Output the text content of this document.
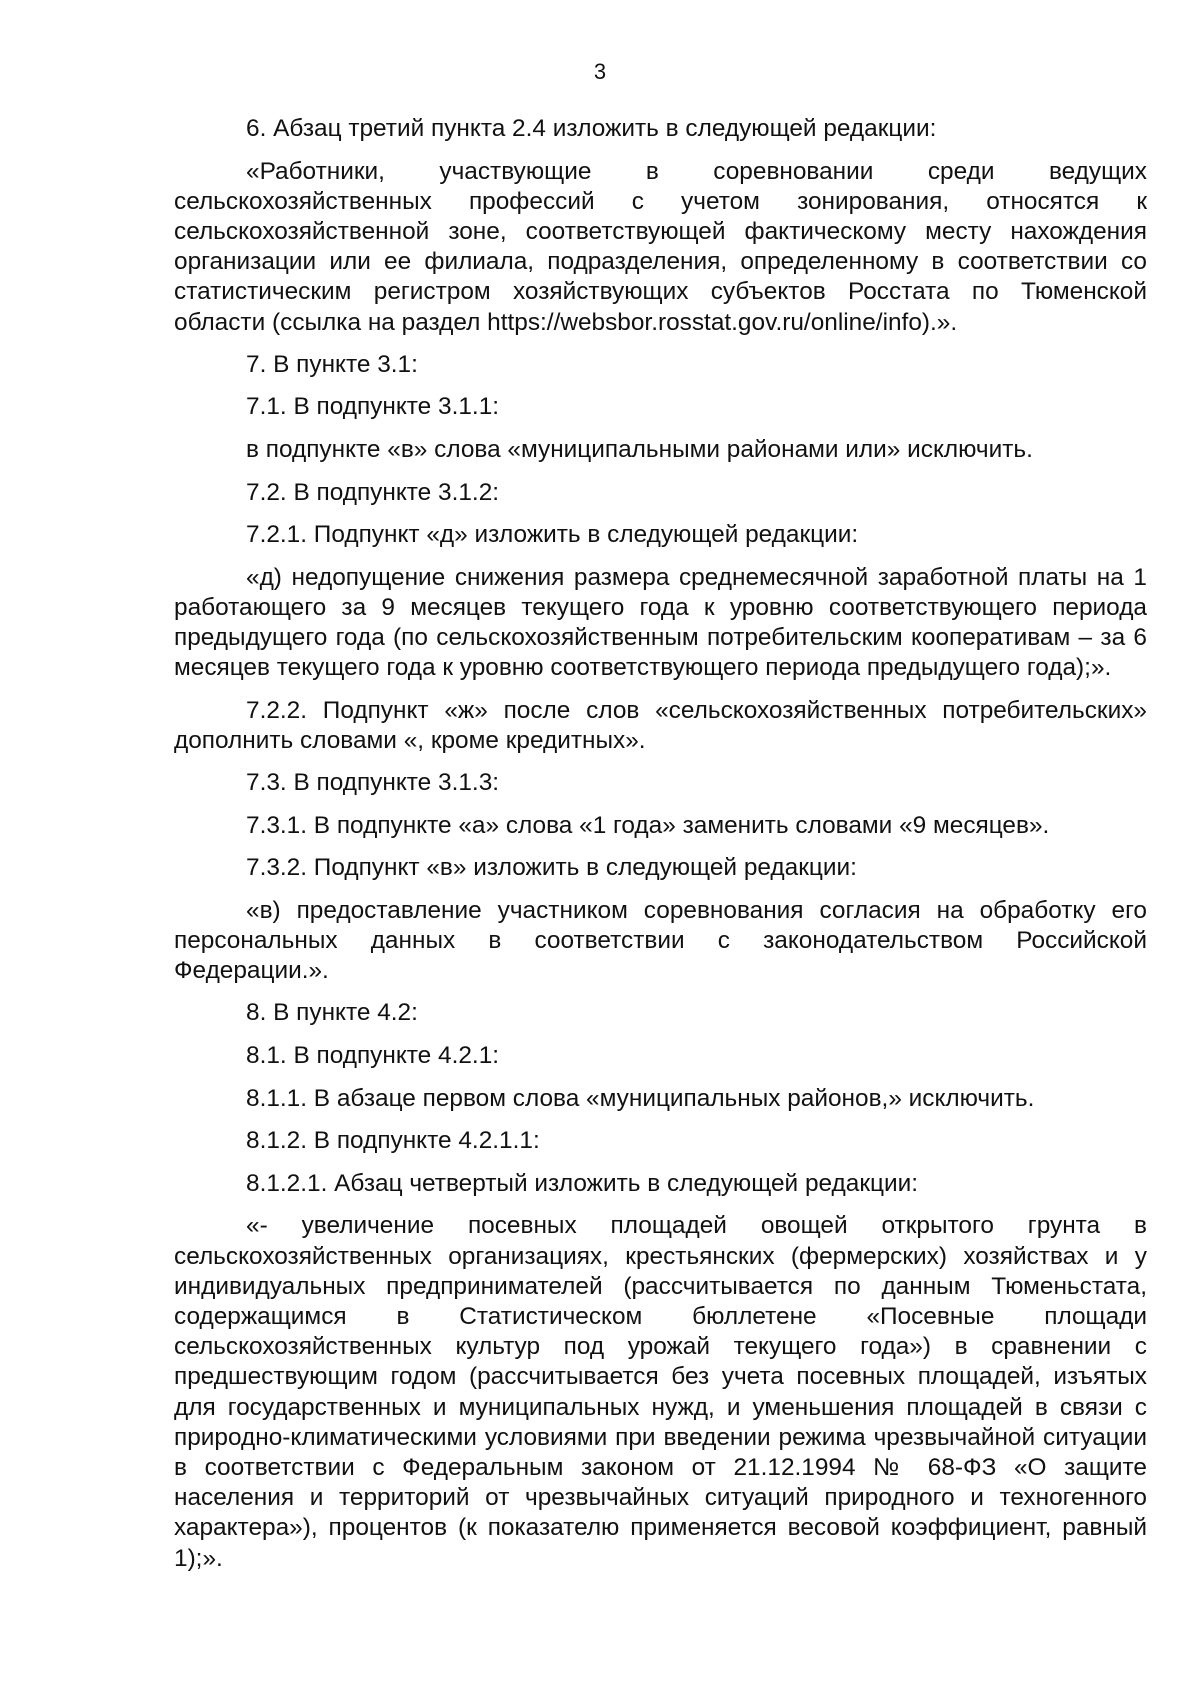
3

6. Абзац третий пункта 2.4 изложить в следующей редакции:

«Работники, участвующие в соревновании среди ведущих сельскохозяйственных профессий с учетом зонирования, относятся к сельскохозяйственной зоне, соответствующей фактическому месту нахождения организации или ее филиала, подразделения, определенному в соответствии со статистическим регистром хозяйствующих субъектов Росстата по Тюменской области (ссылка на раздел https://websbor.rosstat.gov.ru/online/info).».

7. В пункте 3.1:

7.1. В подпункте 3.1.1:

в подпункте «в» слова «муниципальными районами или» исключить.

7.2. В подпункте 3.1.2:

7.2.1. Подпункт «д» изложить в следующей редакции:

«д) недопущение снижения размера среднемесячной заработной платы на 1 работающего за 9 месяцев текущего года к уровню соответствующего периода предыдущего года (по сельскохозяйственным потребительским кооперативам – за 6 месяцев текущего года к уровню соответствующего периода предыдущего года);».

7.2.2. Подпункт «ж» после слов «сельскохозяйственных потребительских» дополнить словами «, кроме кредитных».

7.3. В подпункте 3.1.3:

7.3.1. В подпункте «а» слова «1 года» заменить словами «9 месяцев».

7.3.2. Подпункт «в» изложить в следующей редакции:

«в) предоставление участником соревнования согласия на обработку его персональных данных в соответствии с законодательством Российской Федерации.».

8. В пункте 4.2:

8.1. В подпункте 4.2.1:

8.1.1. В абзаце первом слова «муниципальных районов,» исключить.

8.1.2. В подпункте 4.2.1.1:

8.1.2.1. Абзац четвертый изложить в следующей редакции:

«- увеличение посевных площадей овощей открытого грунта в сельскохозяйственных организациях, крестьянских (фермерских) хозяйствах и у индивидуальных предпринимателей (рассчитывается по данным Тюменьстата, содержащимся в Статистическом бюллетене «Посевные площади сельскохозяйственных культур под урожай текущего года») в сравнении с предшествующим годом (рассчитывается без учета посевных площадей, изъятых для государственных и муниципальных нужд, и уменьшения площадей в связи с природно-климатическими условиями при введении режима чрезвычайной ситуации в соответствии с Федеральным законом от 21.12.1994 № 68-ФЗ «О защите населения и территорий от чрезвычайных ситуаций природного и техногенного характера»), процентов (к показателю применяется весовой коэффициент, равный 1);».
